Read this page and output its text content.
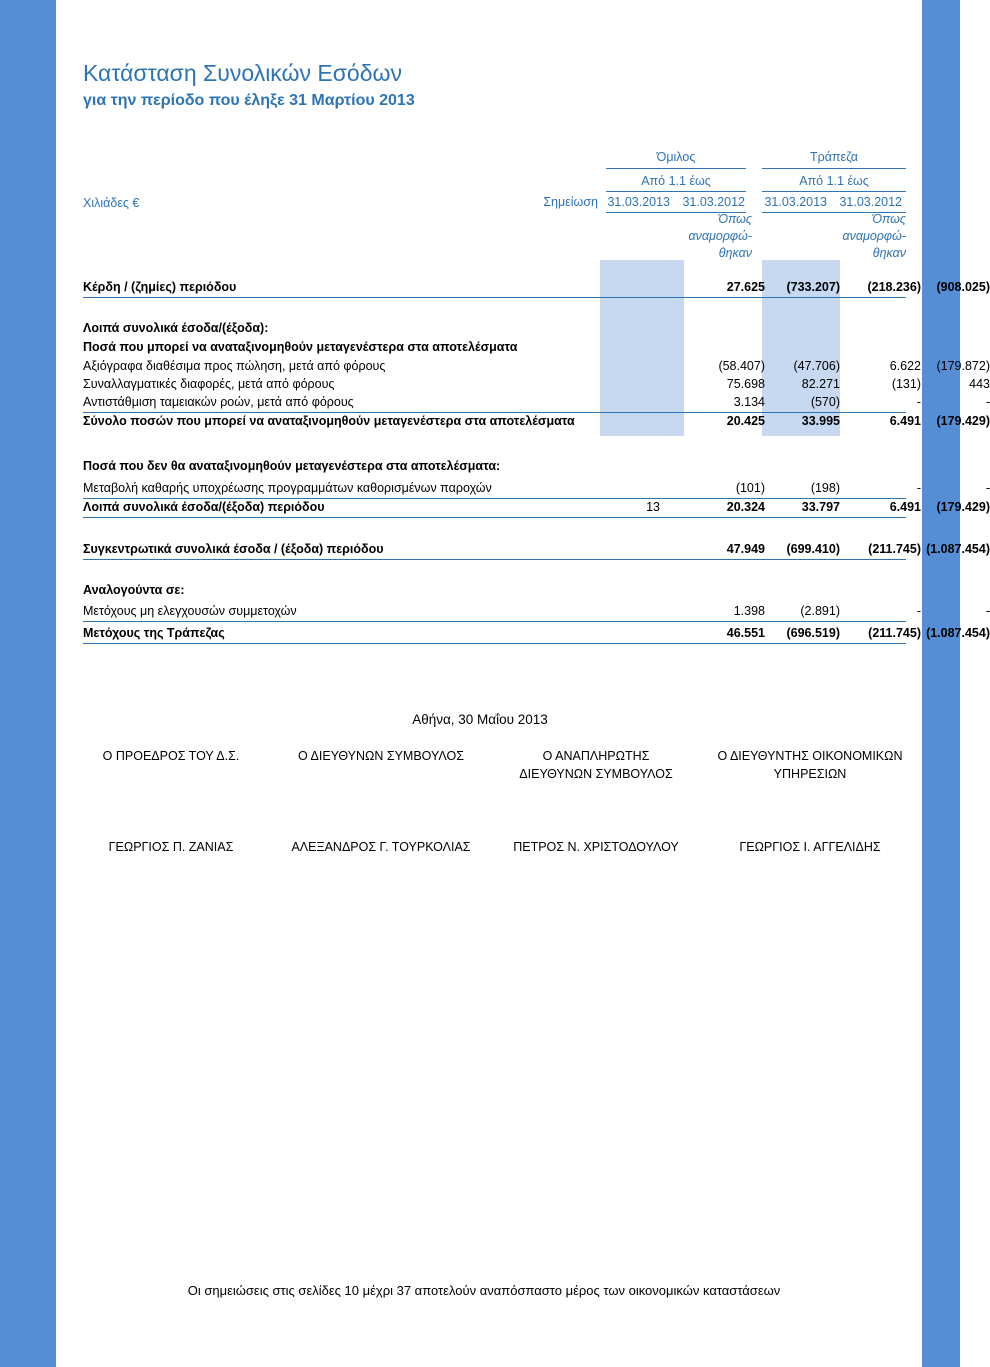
6
Κατάσταση Συνολικών Εσόδων
για την περίοδο που έληξε 31 Μαρτίου 2013
Όμιλος	Τράπεζα
Από 1.1 έως	Από 1.1 έως
Χιλιάδες €	Σημείωση 31.03.2013 31.03.2012	31.03.2013 31.03.2012
Όπως
αναμορφώ-
θηκαν
Όπως
αναμορφώ-
θηκαν
Κέρδη / (ζημίες) περιόδου	27.625	(733.207)	(218.236)	(908.025)
Λοιπά συνολικά έσοδα/(έξοδα):
Ποσά που μπορεί να αναταξινομηθούν μεταγενέστερα στα αποτελέσματα
Αξιόγραφα διαθέσιμα προς πώληση, μετά από φόρους	(58.407)	(47.706)	6.622	(179.872)
Συναλλαγματικές διαφορές, μετά από φόρους	75.698	82.271	(131)	443
Αντιστάθμιση ταμειακών ροών, μετά από φόρους	3.134	(570)	-	-
Σύνολο ποσών που μπορεί να αναταξινομηθούν μεταγενέστερα στα αποτελέσματα	20.425	33.995	6.491	(179.429)
Ποσά που δεν θα αναταξινομηθούν μεταγενέστερα στα αποτελέσματα:
Μεταβολή καθαρής υποχρέωσης προγραμμάτων καθορισμένων παροχών	(101)	(198)	-	-
Λοιπά συνολικά έσοδα/(έξοδα) περιόδου	13	20.324	33.797	6.491	(179.429)
Συγκεντρωτικά συνολικά έσοδα / (έξοδα) περιόδου	47.949	(699.410)	(211.745) (1.087.454)
Αναλογούντα σε:
Μετόχους μη ελεγχουσών συμμετοχών	1.398	(2.891)	-	-
Μετόχους της Τράπεζας	46.551	(696.519)	(211.745) (1.087.454)
Αθήνα, 30 Μαΐου 2013
Ο ΠΡΟΕΔΡΟΣ ΤΟΥ Δ.Σ.	Ο ΔΙΕΥΘΥΝΩΝ ΣΥΜΒΟΥΛΟΣ	Ο ΑΝΑΠΛΗΡΩΤΗΣ
ΔΙΕΥΘΥΝΩΝ ΣΥΜΒΟΥΛΟΣ
Ο ΔΙΕΥΘΥΝΤΗΣ ΟΙΚΟΝΟΜΙΚΩΝ
ΥΠΗΡΕΣΙΩΝ
ΓΕΩΡΓΙΟΣ Π. ΖΑΝΙΑΣ	ΑΛΕΞΑΝΔΡΟΣ Γ. ΤΟΥΡΚΟΛΙΑΣ	ΠΕΤΡΟΣ Ν. ΧΡΙΣΤΟΔΟΥΛΟΥ	ΓΕΩΡΓΙΟΣ Ι. ΑΓΓΕΛΙΔΗΣ
Οι σημειώσεις στις σελίδες 10 μέχρι 37 αποτελούν αναπόσπαστο μέρος των οικονομικών καταστάσεων
